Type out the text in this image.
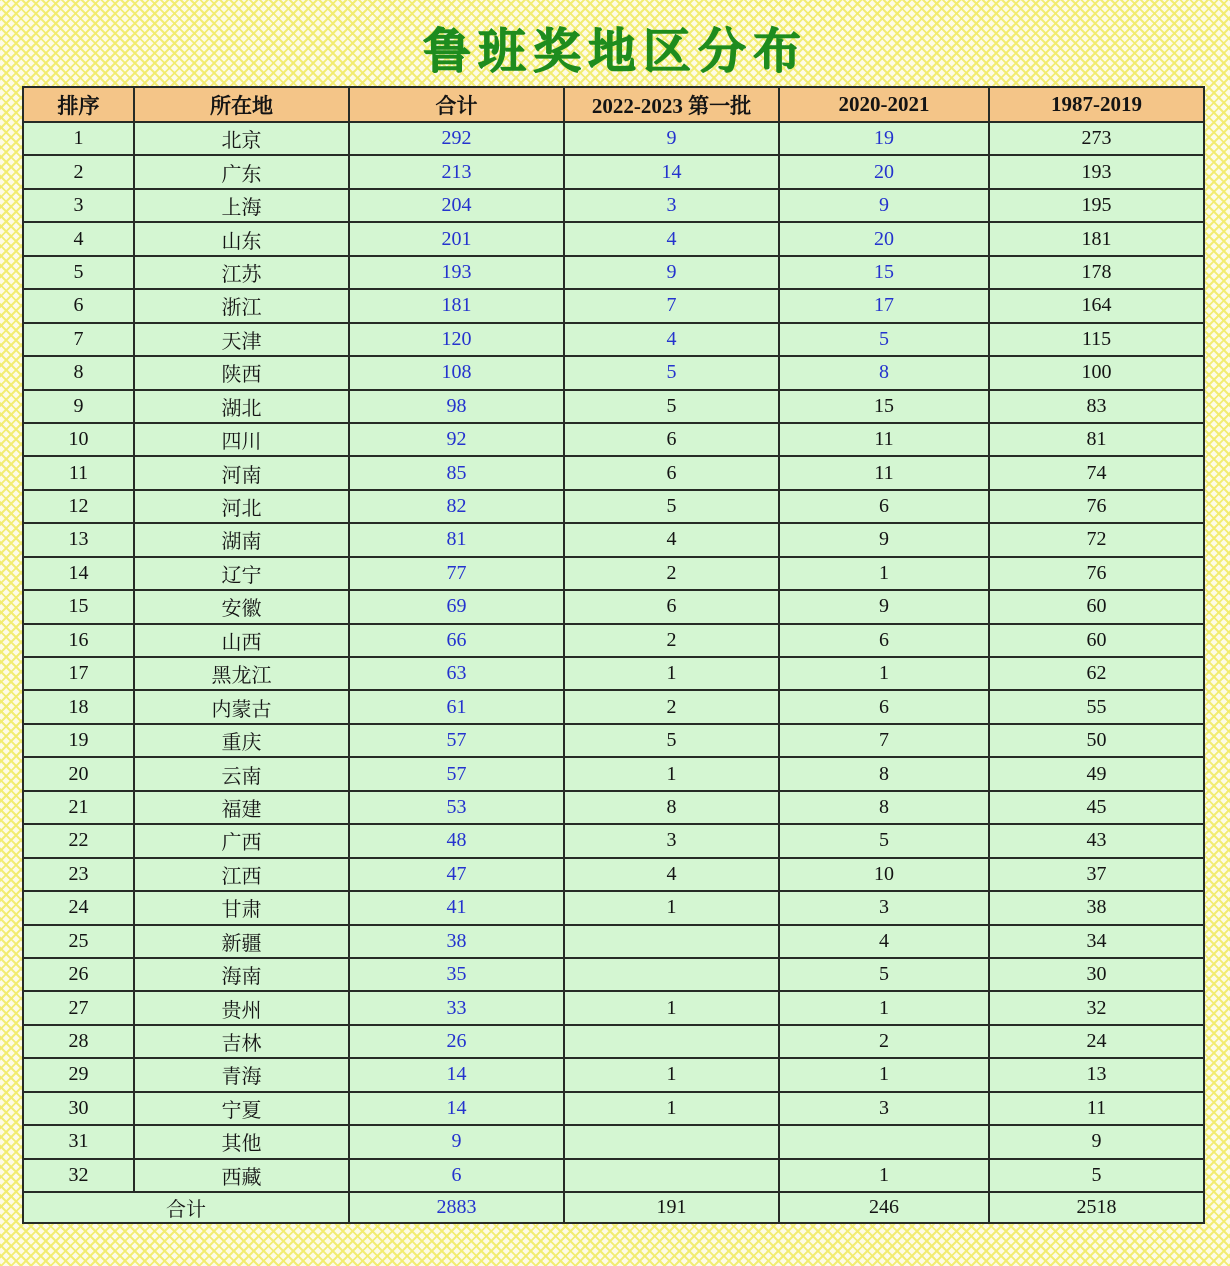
鲁班奖地区分布
排序	所在地	合计	2022-2023 第一批	2020-2021	1987-2019
1	北京	292	9	19	273
2	广东	213	14	20	193
3	上海	204	3	9	195
4	山东	201	4	20	181
5	江苏	193	9	15	178
6	浙江	181	7	17	164
7	天津	120	4	5	115
8	陕西	108	5	8	100
9	湖北	98	5	15	83
10	四川	92	6	11	81
11	河南	85	6	11	74
12	河北	82	5	6	76
13	湖南	81	4	9	72
14	辽宁	77	2	1	76
15	安徽	69	6	9	60
16	山西	66	2	6	60
17	黑龙江	63	1	1	62
18	内蒙古	61	2	6	55
19	重庆	57	5	7	50
20	云南	57	1	8	49
21	福建	53	8	8	45
22	广西	48	3	5	43
23	江西	47	4	10	37
24	甘肃	41	1	3	38
25	新疆	38		4	34
26	海南	35		5	30
27	贵州	33	1	1	32
28	吉林	26		2	24
29	青海	14	1	1	13
30	宁夏	14	1	3	11
31	其他	9			9
32	西藏	6		1	5
合计		2883	191	246	2518
